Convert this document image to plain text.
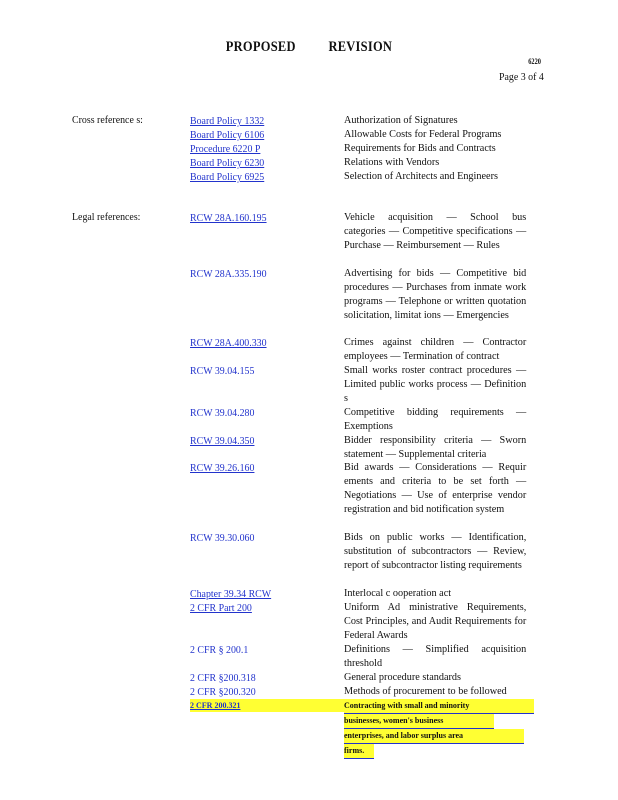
PROPOSED REVISION
6220
Page 3 of 4
Cross reference s:	Board Policy 1332	Authorization of Signatures
Board Policy 6106	Allowable Costs for Federal Programs
Procedure 6220 P	Requirements for Bids and Contracts
Board Policy 6230	Relations with Vendors
Board Policy 6925	Selection of Architects and Engineers
Legal references:	RCW 28A.160.195	Vehicle acquisition — School bus categories — Competitive specifications — Purchase — Reimbursement — Rules
RCW 28A.335.190	Advertising for bids — Competitive bid procedures — Purchases from inmate work programs — Telephone or written quotation solicitation, limitat ions — Emergencies
RCW 28A.400.330	Crimes against children — Contractor employees — Termination of contract
RCW 39.04.155	Small works roster contract procedures — Limited public works process — Definition s
RCW 39.04.280	Competitive bidding requirements — Exemptions
RCW 39.04.350	Bidder responsibility criteria — Sworn statement — Supplemental criteria
RCW 39.26.160	Bid awards — Considerations — Requir ements and criteria to be set forth — Negotiations — Use of enterprise vendor registration and bid notification system
RCW 39.30.060	Bids on public works — Identification, substitution of subcontractors — Review, report of subcontractor listing requirements
Chapter 39.34 RCW	Interlocal c ooperation act
2 CFR Part 200	Uniform Ad ministrative Requirements, Cost Principles, and Audit Requirements for Federal Awards
2 CFR § 200.1	Definitions — Simplified acquisition threshold
2 CFR §200.318	General procedure standards
2 CFR §200.320	Methods of procurement to be followed
2 CFR 200.321	Contracting with small and minority
businesses, women's business
enterprises, and labor surplus area
firms.
